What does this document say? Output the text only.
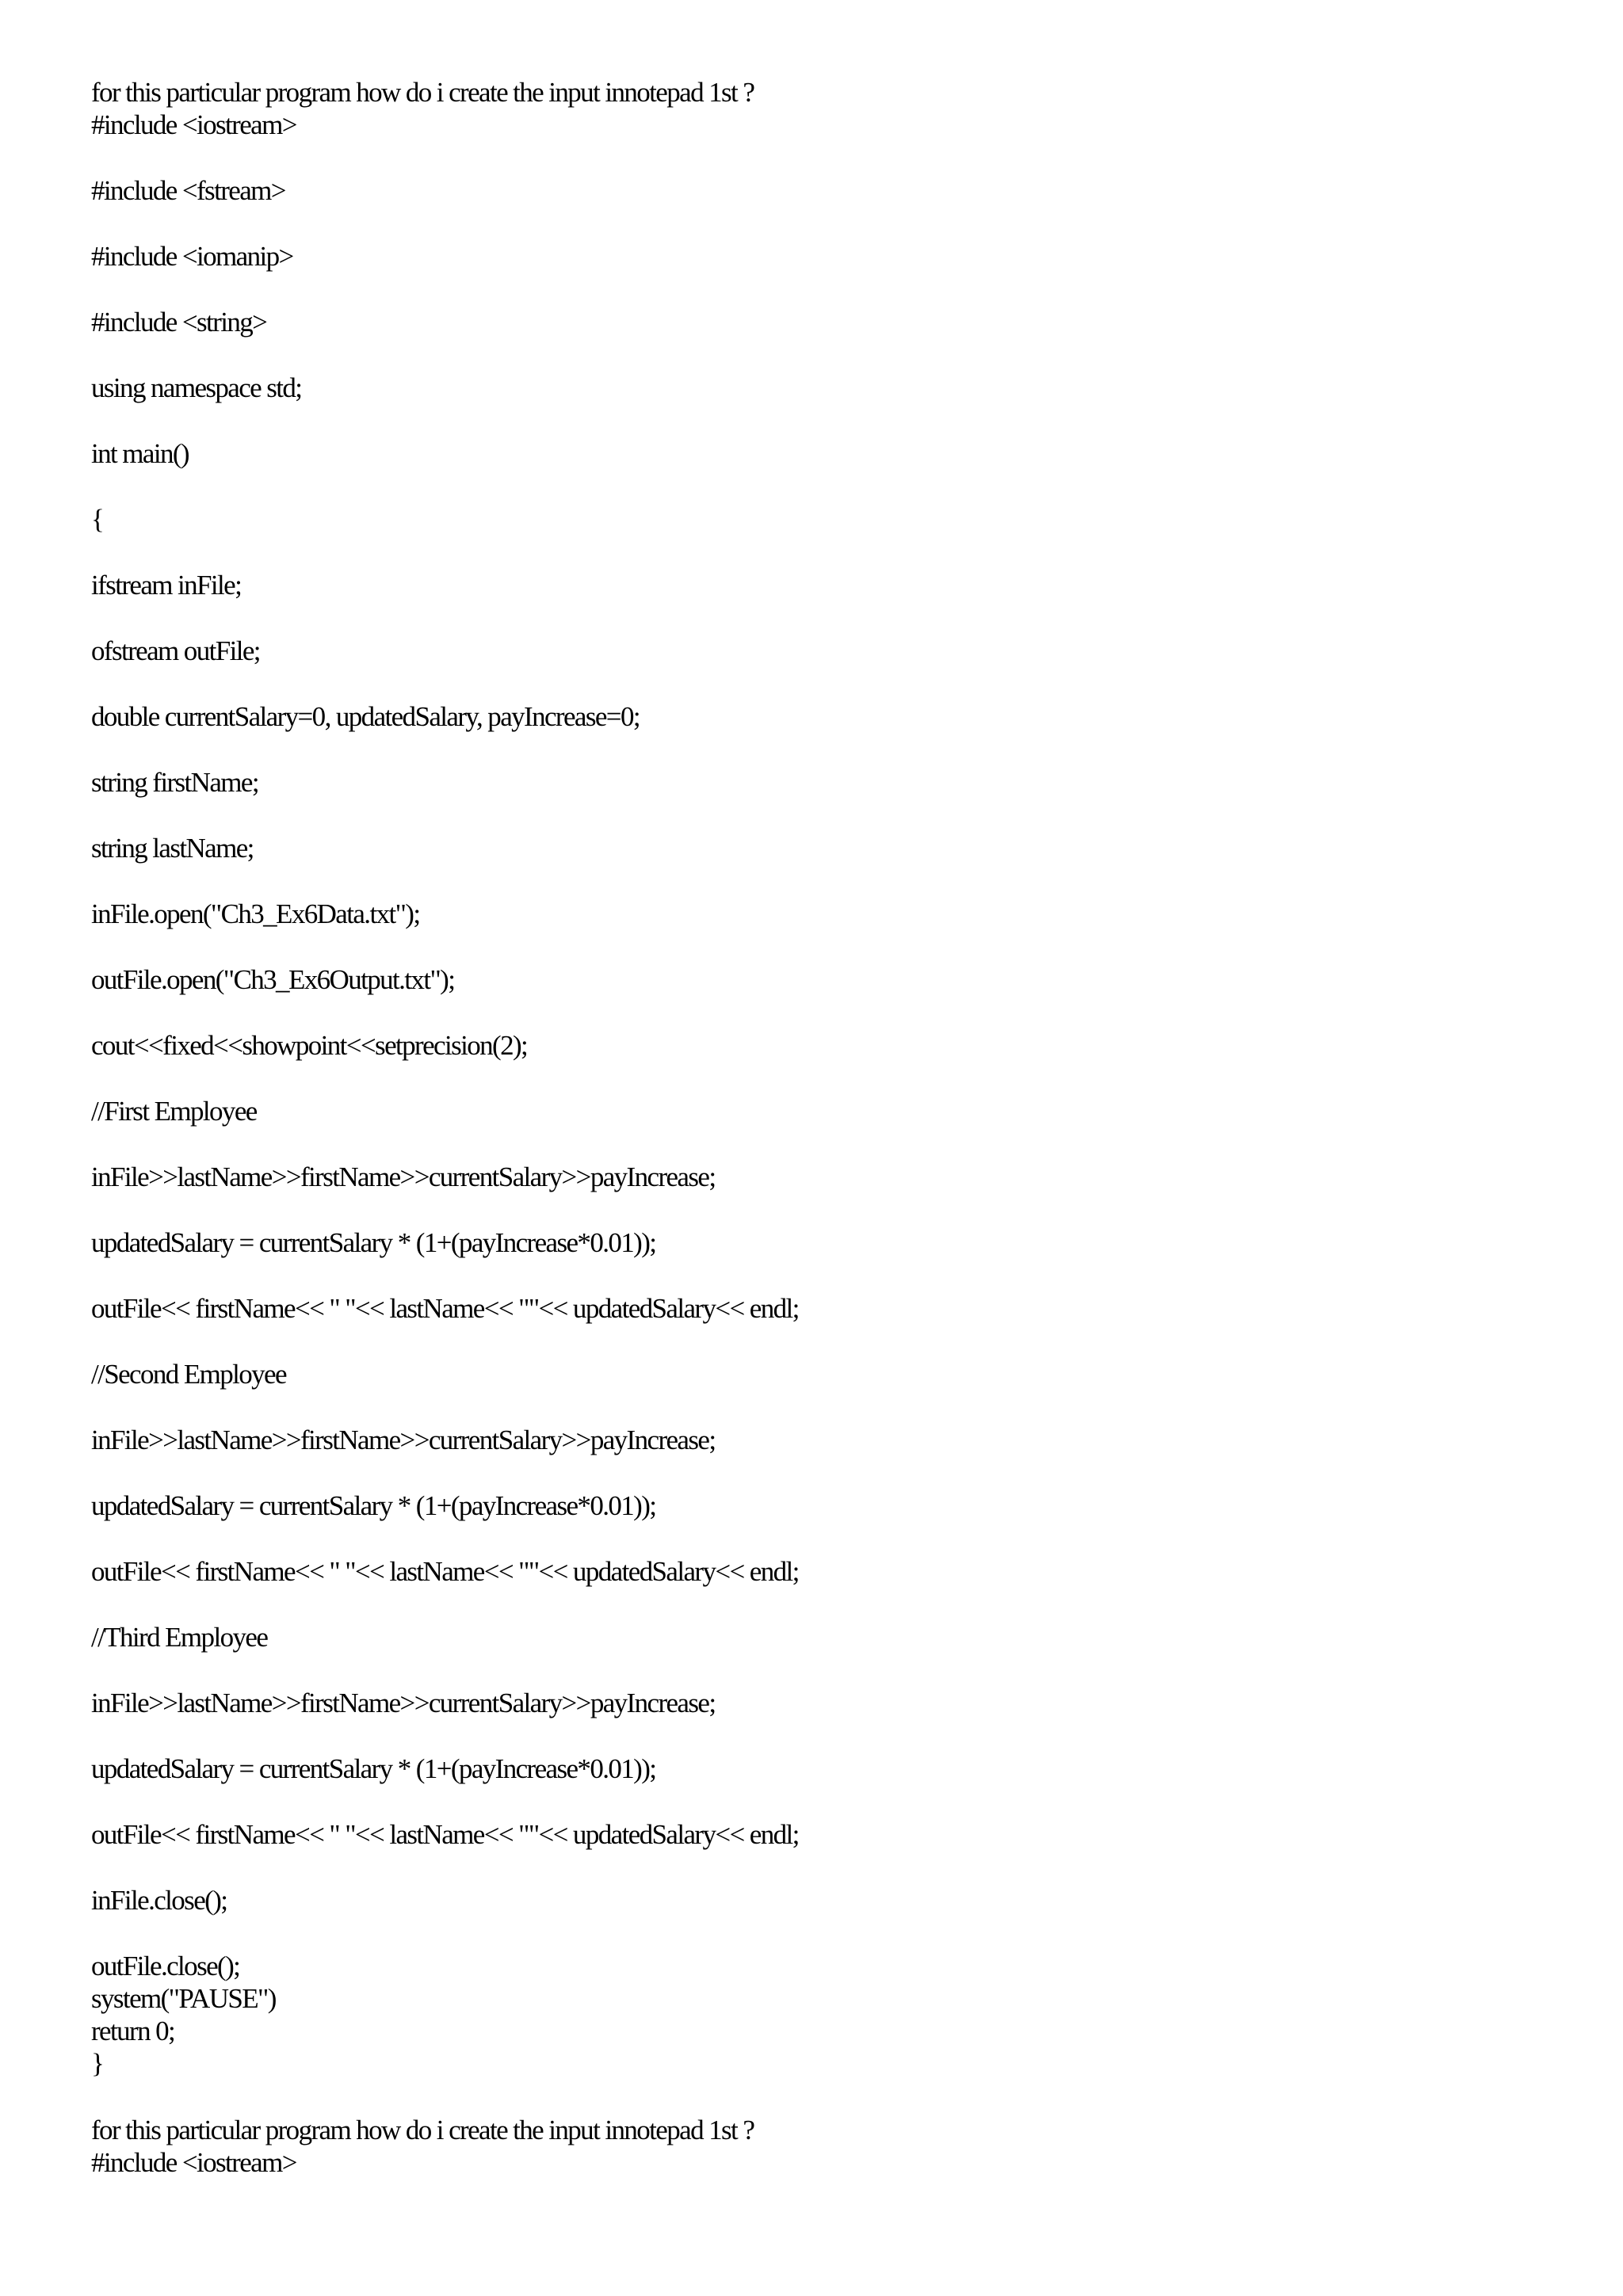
for this particular program how do i create the input innotepad 1st ?
#include <iostream>
#include <fstream>
#include <iomanip>
#include <string>
using namespace std;
int main()
{
ifstream inFile;
ofstream outFile;
double currentSalary=0, updatedSalary, payIncrease=0;
string firstName;
string lastName;
inFile.open("Ch3_Ex6Data.txt");
outFile.open("Ch3_Ex6Output.txt");
cout<<fixed<<showpoint<<setprecision(2);
//First Employee
inFile>>lastName>>firstName>>currentSalary>>payIncrease;
updatedSalary = currentSalary * (1+(payIncrease*0.01));
outFile<< firstName<< " "<< lastName<< ""<< updatedSalary<< endl;
//Second Employee
inFile>>lastName>>firstName>>currentSalary>>payIncrease;
updatedSalary = currentSalary * (1+(payIncrease*0.01));
outFile<< firstName<< " "<< lastName<< ""<< updatedSalary<< endl;
//Third Employee
inFile>>lastName>>firstName>>currentSalary>>payIncrease;
updatedSalary = currentSalary * (1+(payIncrease*0.01));
outFile<< firstName<< " "<< lastName<< ""<< updatedSalary<< endl;
inFile.close();
outFile.close();
system("PAUSE")
return 0;
}
for this particular program how do i create the input innotepad 1st ?
#include <iostream>
